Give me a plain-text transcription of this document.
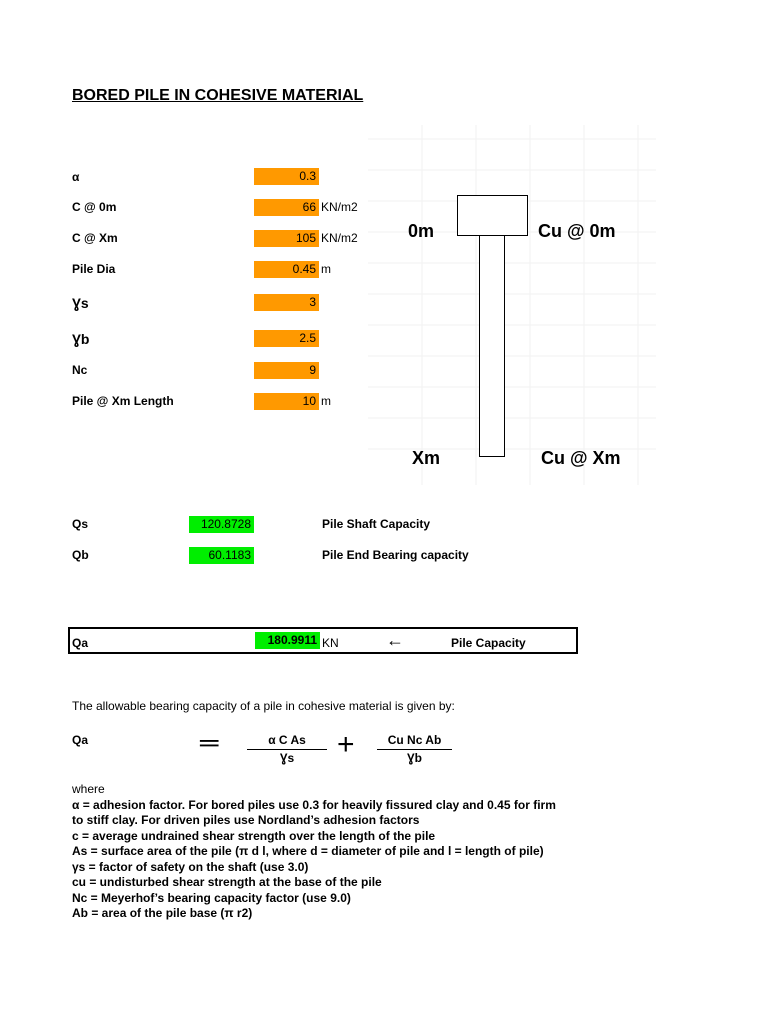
BORED PILE IN COHESIVE MATERIAL
α	0.3
C @ 0m	66 KN/m2
C @ Xm	105 KN/m2
Pile Dia	0.45 m
Ɣs	3
Ɣb	2.5
Nc	9
Pile @ Xm Length	10 m
0m	Cu @ 0m
Xm	Cu @ Xm
Qs	120.8728	Pile Shaft Capacity
Qb	60.1183	Pile End Bearing capacity
Qa	180.9911 KN	←	Pile Capacity
The allowable bearing capacity of a pile in cohesive material is given by:
Qa	═	α C As
Ɣs	+	Cu Nc Ab
Ɣb
where
α = adhesion factor. For bored piles use 0.3 for heavily fissured clay and 0.45 for firm
to stiff clay. For driven piles use Nordland’s adhesion factors
c = average undrained shear strength over the length of the pile
As = surface area of the pile (π d l, where d = diameter of pile and l = length of pile)
γs = factor of safety on the shaft (use 3.0)
cu = undisturbed shear strength at the base of the pile
Nc = Meyerhof’s bearing capacity factor (use 9.0)
Ab = area of the pile base (π r2)
